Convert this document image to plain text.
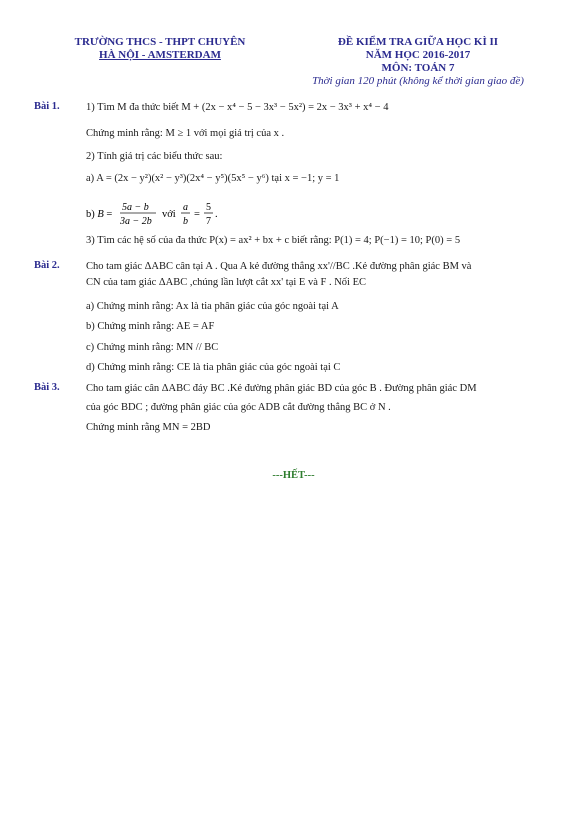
TRƯỜNG THCS - THPT CHUYÊN
HÀ NỘI - AMSTERDAM
ĐỀ KIỂM TRA GIỮA HỌC KÌ II
NĂM HỌC 2016-2017
MÔN: TOÁN 7
Thời gian 120 phút (không kể thời gian giao đề)
Bài 1.	1) Tìm M đa thức biết M + (2x − x⁴ − 5 − 3x³ − 5x²) = 2x − 3x³ + x⁴ − 4
Chứng minh rằng: M ≥ 1 với mọi giá trị của x .
2) Tính giá trị các biểu thức sau:
a) A = (2x − y²)(x² − y³)(2x⁴ − y⁵)(5x⁵ − y⁶) tại x = −1; y = 1
b) B =
5a − b
3a − 2b
với
a
b
=
5
7
.
3) Tìm các hệ số của đa thức P(x) = ax² + bx + c biết rằng: P(1) = 4; P(−1) = 10; P(0) = 5
Bài 2.	Cho tam giác ΔABC cân tại A . Qua A kẻ đường thẳng xx'//BC .Kẻ đường phân giác BM và
CN của tam giác ΔABC ,chúng lần lượt cắt xx' tại E và F . Nối EC
a) Chứng minh rằng: Ax là tia phân giác của góc ngoài tại A
b) Chứng minh rằng: AE = AF
c) Chứng minh rằng: MN // BC
d) Chứng minh rằng: CE là tia phân giác của góc ngoài tại C
Bài 3.	Cho tam giác cân ΔABC đáy BC .Kẻ đường phân giác BD của góc B . Đường phân giác DM
của góc BDC ; đường phân giác của góc ADB cắt đường thẳng BC ở N .
Chứng minh rằng MN = 2BD
---HẾT---
